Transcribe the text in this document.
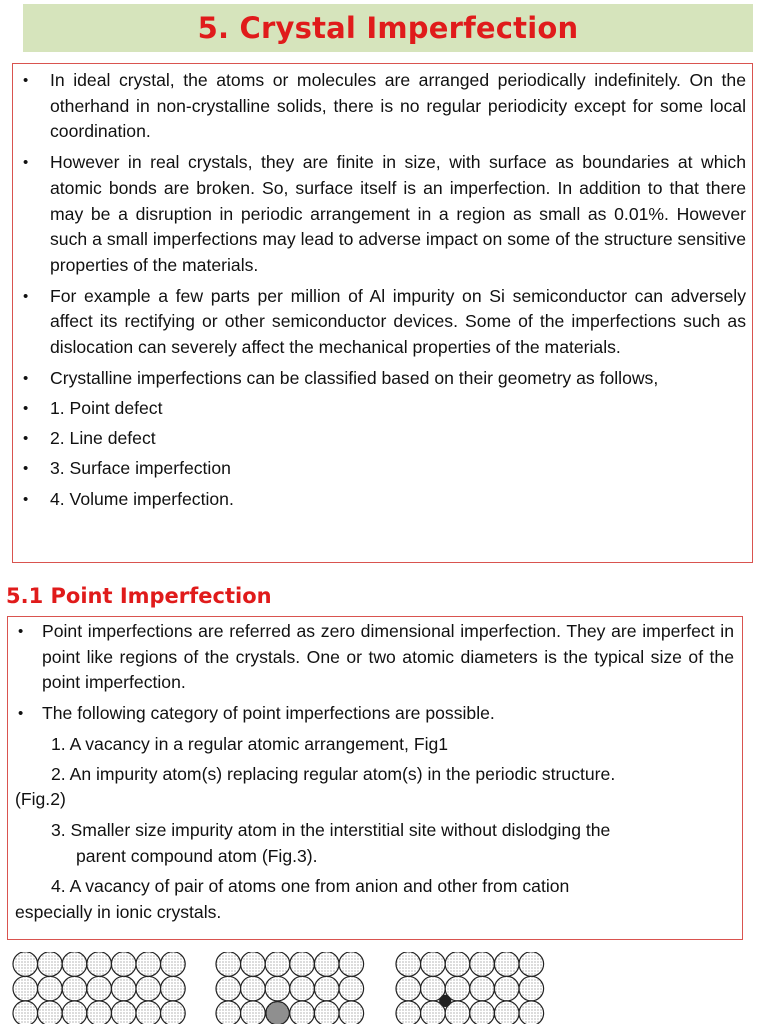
5. Crystal Imperfection
• In ideal crystal, the atoms or molecules are arranged periodically indefinitely. On the otherhand in non-crystalline solids, there is no regular periodicity except for some local coordination.
• However in real crystals, they are finite in size, with surface as boundaries at which atomic bonds are broken. So, surface itself is an imperfection. In addition to that there may be a disruption in periodic arrangement in a region as small as 0.01%. However such a small imperfections may lead to adverse impact on some of the structure sensitive properties of the materials.
• For example a few parts per million of Al impurity on Si semiconductor can adversely affect its rectifying or other semiconductor devices. Some of the imperfections such as dislocation can severely affect the mechanical properties of the materials.
• Crystalline imperfections can be classified based on their geometry as follows,
• 1. Point defect
• 2. Line defect
• 3. Surface imperfection
• 4. Volume imperfection.
5.1 Point Imperfection
• Point imperfections are referred as zero dimensional imperfection. They are imperfect in point like regions of the crystals. One or two atomic diameters is the typical size of the point imperfection.
• The following category of point imperfections are possible.

1. A vacancy in a regular atomic arrangement, Fig1

2. An impurity atom(s) replacing regular atom(s) in the periodic structure.
(Fig.2)

3. Smaller size impurity atom in the interstitial site without dislodging the
parent compound atom (Fig.3).

4. A vacancy of pair of atoms one from anion and other from cation
especially in ionic crystals.
